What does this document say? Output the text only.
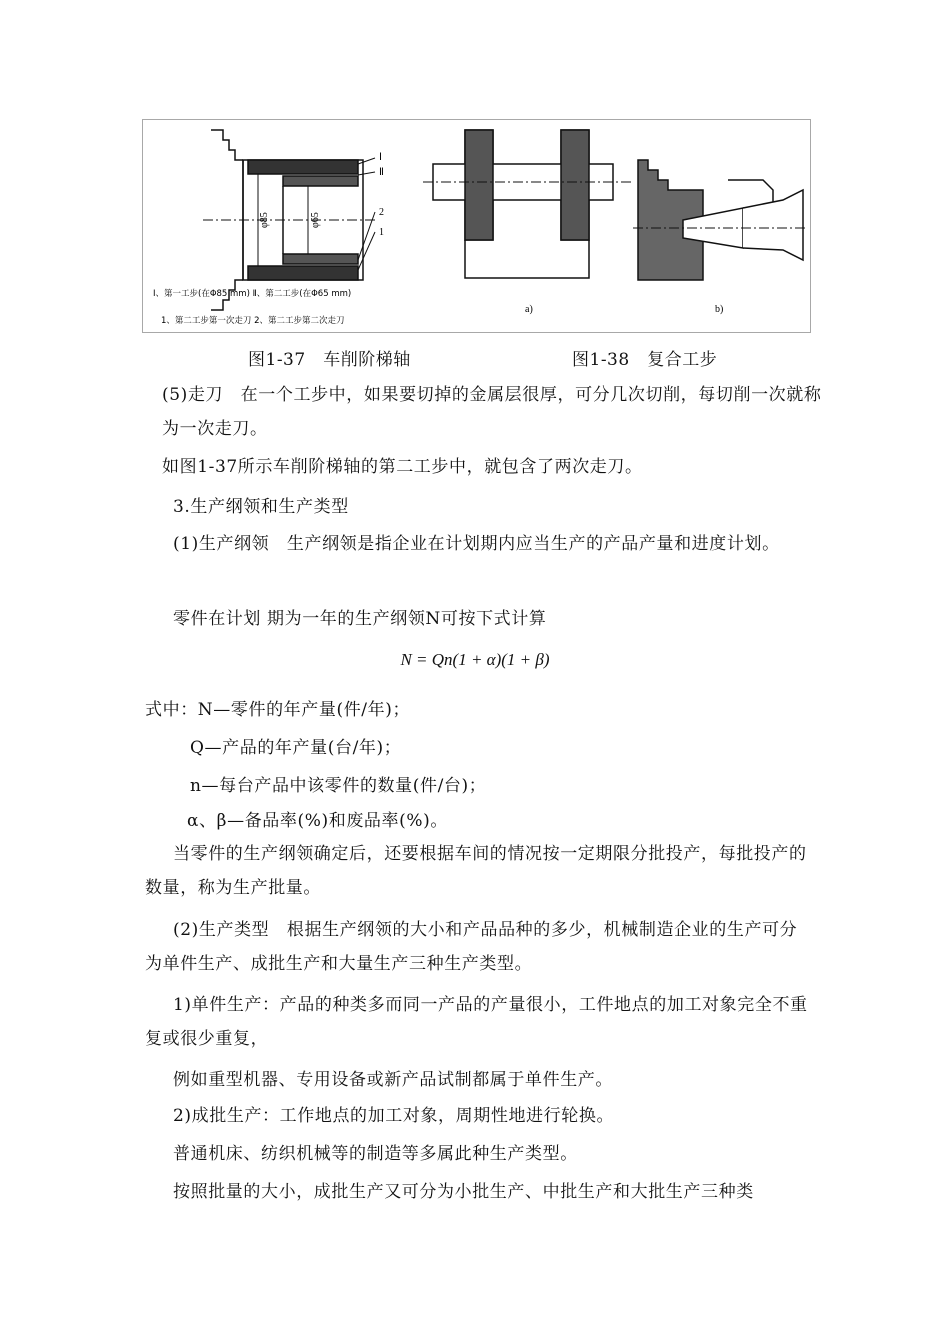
Ⅰ
Ⅱ
2
1
φ85	φ65
Ⅰ、第一工步(在Φ85 mm) Ⅱ、第二工步(在Φ65 mm)
1、第二工步第一次走刀 2、第二工步第二次走刀
a)	b)
图1-37　车削阶梯轴	图1-38　复合工步

(5)走刀　在一个工步中，如果要切掉的金属层很厚，可分几次切削，每切削一次就称为一次走刀。

如图1-37所示车削阶梯轴的第二工步中，就包含了两次走刀。

3.生产纲领和生产类型

(1)生产纲领　生产纲领是指企业在计划期内应当生产的产品产量和进度计划。

零件在计划 期为一年的生产纲领N可按下式计算

N = Qn(1 + α)(1 + β)
式中：N—零件的年产量(件/年)；
Q—产品的年产量(台/年)；
n—每台产品中该零件的数量(件/台)；
α、β—备品率(%)和废品率(%)。

当零件的生产纲领确定后，还要根据车间的情况按一定期限分批投产，每批投产的数量，称为生产批量。

(2)生产类型　根据生产纲领的大小和产品品种的多少，机械制造企业的生产可分为单件生产、成批生产和大量生产三种生产类型。

1)单件生产：产品的种类多而同一产品的产量很小，工件地点的加工对象完全不重复或很少重复，

例如重型机器、专用设备或新产品试制都属于单件生产。

2)成批生产：工作地点的加工对象，周期性地进行轮换。

普通机床、纺织机械等的制造等多属此种生产类型。

按照批量的大小，成批生产又可分为小批生产、中批生产和大批生产三种类
